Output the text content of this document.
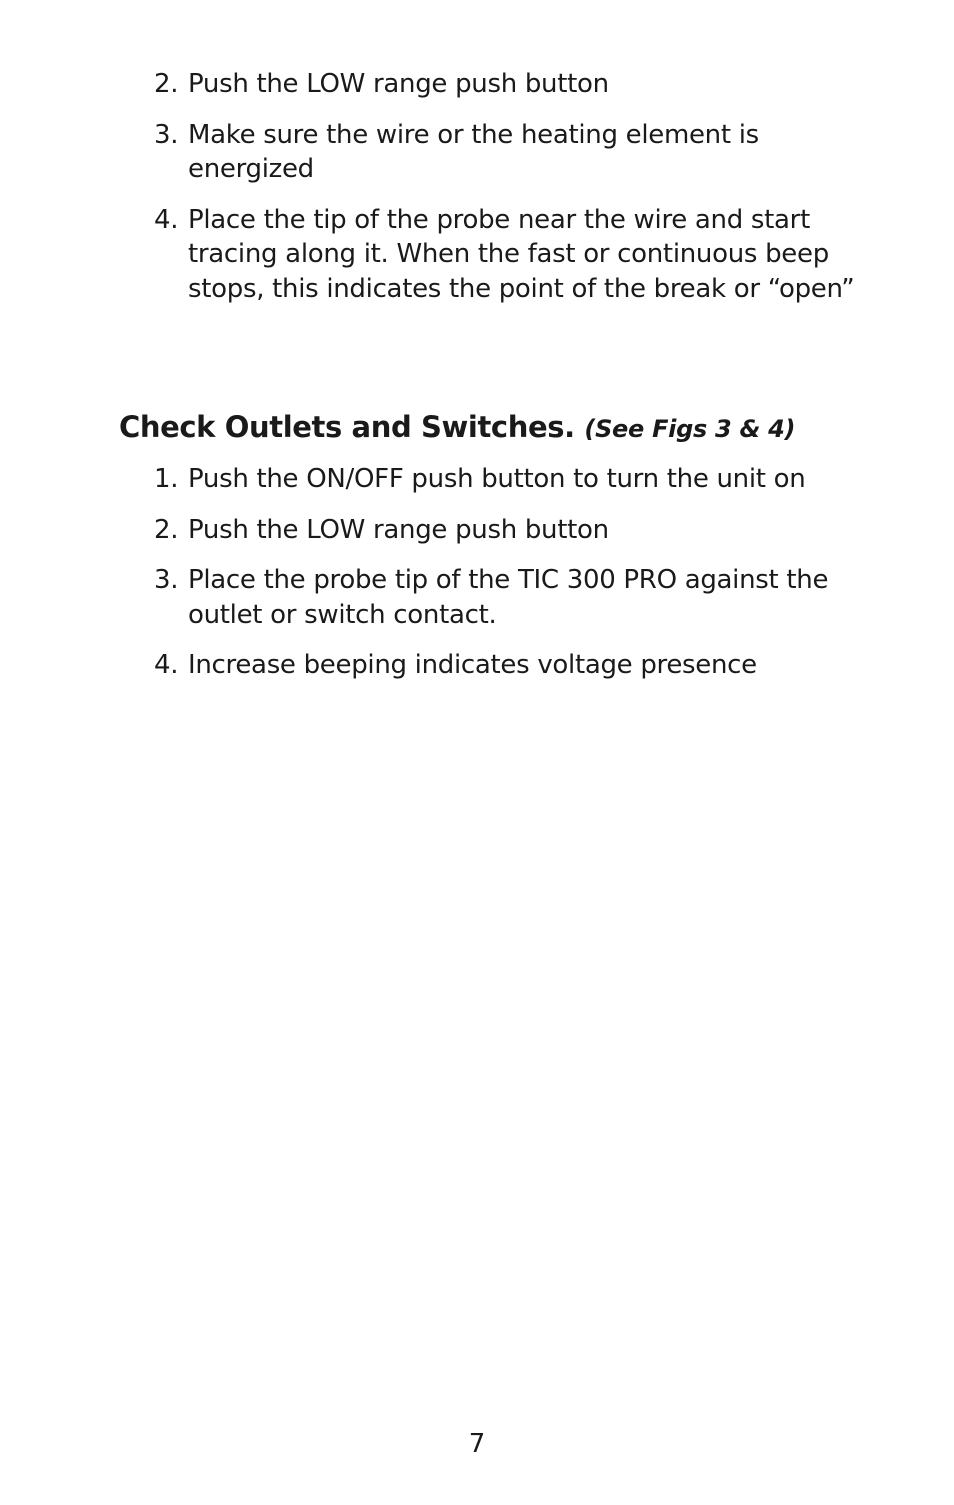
2. Push the LOW range push button
3. Make sure the wire or the heating element is energized
4. Place the tip of the probe near the wire and start tracing along it. When the fast or continuous beep stops, this indicates the point of the break or “open”
Check Outlets and Switches. (See Figs 3 & 4)
1. Push the ON/OFF push button to turn the unit on
2. Push the LOW range push button
3. Place the probe tip of the TIC 300 PRO against the outlet or switch contact.
4. Increase beeping indicates voltage presence
7
